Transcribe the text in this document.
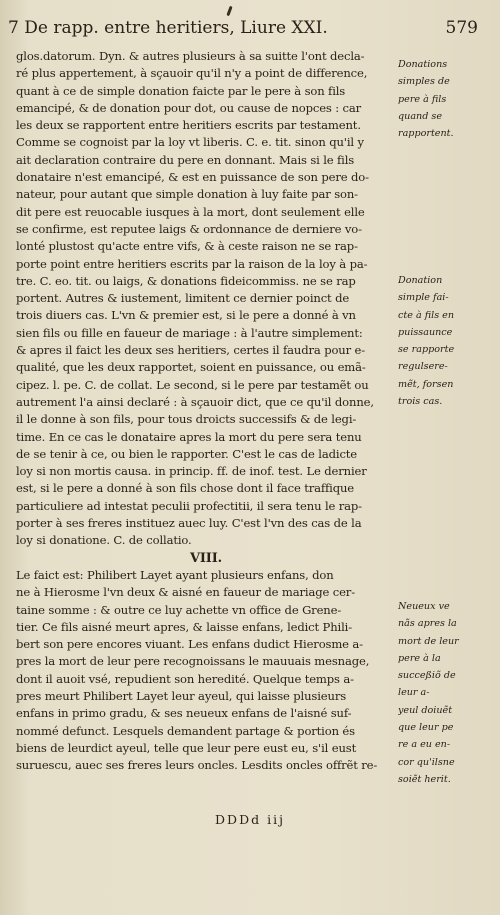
7 De rapp. entre heritiers, Liure XXI.	579
glos.datorum. Dyn. & autres plusieurs à sa suitte l'ont decla-
ré plus appertement, à sçauoir qu'il n'y a point de difference,
quant à ce de simple donation faicte par le pere à son fils
emancipé, & de donation pour dot, ou cause de nopces : car
les deux se rapportent entre heritiers escrits par testament.
Comme se cognoist par la loy vt liberis. C. e. tit. sinon qu'il y
ait declaration contraire du pere en donnant. Mais si le fils
donataire n'est emancipé, & est en puissance de son pere do-
nateur, pour autant que simple donation à luy faite par son-
dit pere est reuocable iusques à la mort, dont seulement elle
se confirme, est reputee laigs & ordonnance de derniere vo-
lonté plustost qu'acte entre vifs, & à ceste raison ne se rap-
porte point entre heritiers escrits par la raison de la loy à pa-
tre. C. eo. tit. ou laigs, & donations fideicommiss. ne se rap
portent. Autres & iustement, limitent ce dernier poinct de
trois diuers cas. L'vn & premier est, si le pere a donné à vn
sien fils ou fille en faueur de mariage : à l'autre simplement:
& apres il faict les deux ses heritiers, certes il faudra pour e-
qualité, que les deux rapportet, soient en puissance, ou emã-
cipez. l. pe. C. de collat. Le second, si le pere par testamẽt ou
autrement l'a ainsi declaré : à sçauoir dict, que ce qu'il donne,
il le donne à son fils, pour tous droicts successifs & de legi-
time. En ce cas le donataire apres la mort du pere sera tenu
de se tenir à ce, ou bien le rapporter. C'est le cas de ladicte
loy si non mortis causa. in princip. ff. de inof. test. Le dernier
est, si le pere a donné à son fils chose dont il face traffique
particuliere ad intestat peculii profectitii, il sera tenu le rap-
porter à ses freres instituez auec luy. C'est l'vn des cas de la
loy si donatione. C. de collatio.
VIII.
Le faict est: Philibert Layet ayant plusieurs enfans, don
ne à Hierosme l'vn deux & aisné en faueur de mariage cer-
taine somme : & outre ce luy achette vn office de Grene-
tier. Ce fils aisné meurt apres, & laisse enfans, ledict Phili-
bert son pere encores viuant. Les enfans dudict Hierosme a-
pres la mort de leur pere recognoissans le mauuais mesnage,
dont il auoit vsé, repudient son heredité. Quelque temps a-
pres meurt Philibert Layet leur ayeul, qui laisse plusieurs
enfans in primo gradu, & ses neueux enfans de l'aisné suf-
nommé defunct. Lesquels demandent partage & portion és
biens de leurdict ayeul, telle que leur pere eust eu, s'il eust
suruescu, auec ses freres leurs oncles. Lesdits oncles offrẽt re-
Donations
simples de
pere à fils
quand se
rapportent.
Donation
simple fai-
cte à fils en
puissaunce
se rapporte
regulsere-
mẽt, forsen
trois cas.
Neueux ve
nãs apres la
mort de leur
pere à la
succeßiõ de
leur a-
yeul doiuẽt
que leur pe
re a eu en-
cor qu'ilsne
soiẽt herit.
DDDd iij
